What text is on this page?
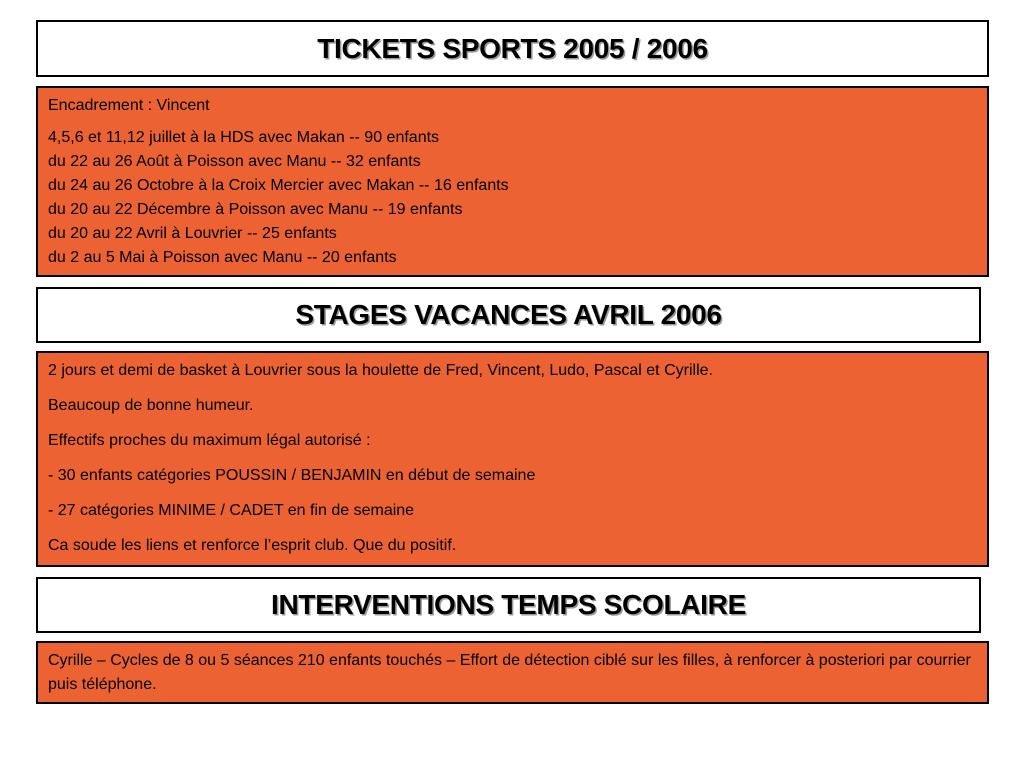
TICKETS SPORTS 2005 / 2006

Encadrement : Vincent

4,5,6 et 11,12 juillet à la HDS avec Makan -- 90 enfants

du 22 au 26 Août à Poisson avec Manu -- 32 enfants

du 24 au 26 Octobre à la Croix Mercier avec Makan -- 16 enfants

du 20 au 22 Décembre à Poisson avec Manu -- 19 enfants

du 20 au 22 Avril à Louvrier -- 25 enfants

du 2 au 5 Mai à Poisson avec Manu -- 20 enfants

STAGES VACANCES AVRIL 2006

2 jours et demi de basket à Louvrier sous la houlette de Fred, Vincent, Ludo, Pascal et Cyrille.

Beaucoup de bonne humeur.

Effectifs proches du maximum légal autorisé :

- 30 enfants catégories POUSSIN / BENJAMIN en début de semaine

- 27 catégories MINIME / CADET en fin de semaine

Ca soude les liens et renforce l’esprit club. Que du positif.

INTERVENTIONS TEMPS SCOLAIRE

Cyrille – Cycles de 8 ou 5 séances 210 enfants touchés – Effort de détection ciblé sur les filles, à renforcer à posteriori par courrier puis téléphone.
